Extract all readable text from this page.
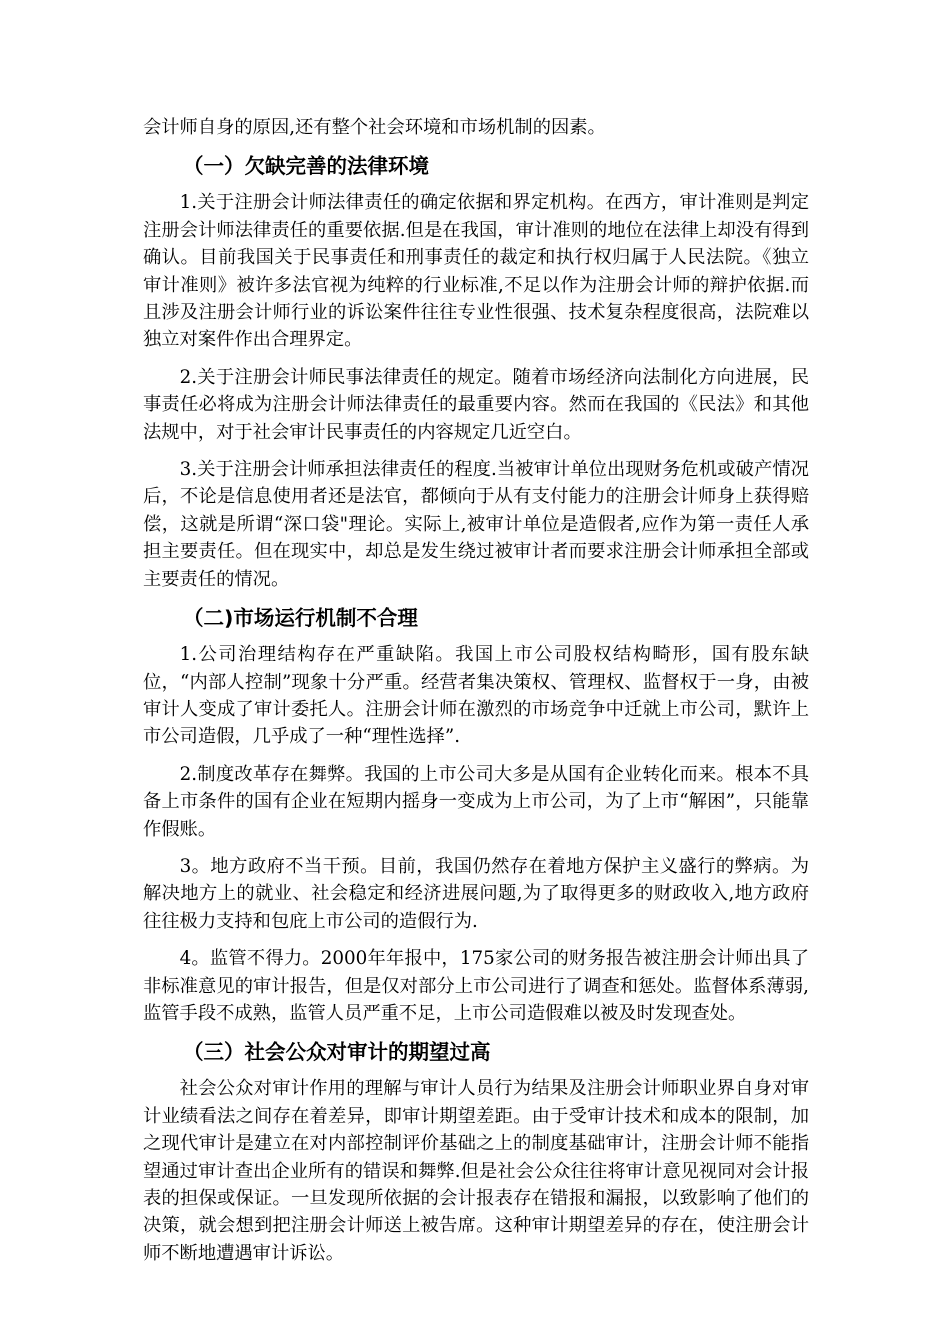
会计师自身的原因,还有整个社会环境和市场机制的因素。

（一）欠缺完善的法律环境

1.关于注册会计师法律责任的确定依据和界定机构。在西方，审计准则是判定注册会计师法律责任的重要依据.但是在我国，审计准则的地位在法律上却没有得到确认。目前我国关于民事责任和刑事责任的裁定和执行权归属于人民法院。《独立审计准则》被许多法官视为纯粹的行业标准,不足以作为注册会计师的辩护依据.而且涉及注册会计师行业的诉讼案件往往专业性很强、技术复杂程度很高，法院难以独立对案件作出合理界定。

2.关于注册会计师民事法律责任的规定。随着市场经济向法制化方向进展，民事责任必将成为注册会计师法律责任的最重要内容。然而在我国的《民法》和其他法规中，对于社会审计民事责任的内容规定几近空白。

3.关于注册会计师承担法律责任的程度.当被审计单位出现财务危机或破产情况后，不论是信息使用者还是法官，都倾向于从有支付能力的注册会计师身上获得赔偿，这就是所谓“深口袋"理论。实际上,被审计单位是造假者,应作为第一责任人承担主要责任。但在现实中，却总是发生绕过被审计者而要求注册会计师承担全部或主要责任的情况。

（二)市场运行机制不合理

1.公司治理结构存在严重缺陷。我国上市公司股权结构畸形，国有股东缺位，“内部人控制”现象十分严重。经营者集决策权、管理权、监督权于一身，由被审计人变成了审计委托人。注册会计师在激烈的市场竞争中迁就上市公司，默许上市公司造假，几乎成了一种“理性选择”.

2.制度改革存在舞弊。我国的上市公司大多是从国有企业转化而来。根本不具备上市条件的国有企业在短期内摇身一变成为上市公司，为了上市“解困”，只能靠作假账。

3。地方政府不当干预。目前，我国仍然存在着地方保护主义盛行的弊病。为解决地方上的就业、社会稳定和经济进展问题,为了取得更多的财政收入,地方政府往往极力支持和包庇上市公司的造假行为.

4。监管不得力。2000年年报中，175家公司的财务报告被注册会计师出具了非标准意见的审计报告，但是仅对部分上市公司进行了调查和惩处。监督体系薄弱,监管手段不成熟，监管人员严重不足，上市公司造假难以被及时发现查处。

（三）社会公众对审计的期望过高

社会公众对审计作用的理解与审计人员行为结果及注册会计师职业界自身对审计业绩看法之间存在着差异，即审计期望差距。由于受审计技术和成本的限制，加之现代审计是建立在对内部控制评价基础之上的制度基础审计，注册会计师不能指望通过审计查出企业所有的错误和舞弊.但是社会公众往往将审计意见视同对会计报表的担保或保证。一旦发现所依据的会计报表存在错报和漏报，以致影响了他们的决策，就会想到把注册会计师送上被告席。这种审计期望差异的存在，使注册会计师不断地遭遇审计诉讼。
